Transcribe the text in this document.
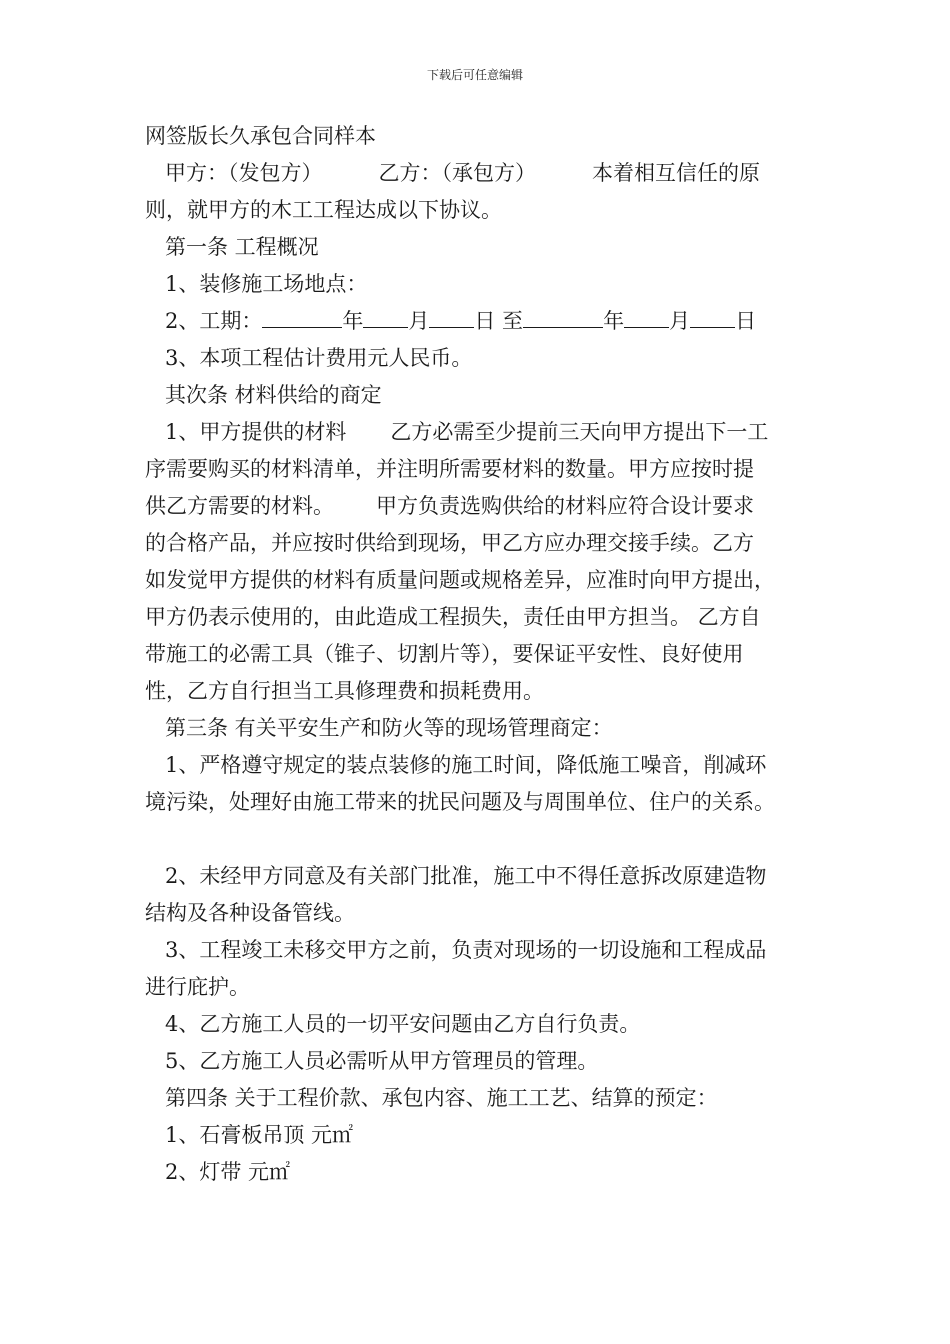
下载后可任意编辑
网签版长久承包合同样本
甲方：（发包方）	乙方：（承包方）	本着相互信任的原
则，就甲方的木工工程达成以下协议。
第一条 工程概况
1、装修施工场地点：
2、工期：	年 月 日 至	年 月 日
3、本项工程估计费用元人民币。
其次条 材料供给的商定
1、甲方提供的材料 乙方必需至少提前三天向甲方提出下一工
序需要购买的材料清单，并注明所需要材料的数量。甲方应按时提
供乙方需要的材料。 甲方负责选购供给的材料应符合设计要求
的合格产品，并应按时供给到现场，甲乙方应办理交接手续。乙方
如发觉甲方提供的材料有质量问题或规格差异，应准时向甲方提出，
甲方仍表示使用的，由此造成工程损失，责任由甲方担当。 乙方自
带施工的必需工具（锥子、切割片等），要保证平安性、良好使用
性，乙方自行担当工具修理费和损耗费用。
第三条 有关平安生产和防火等的现场管理商定：
1、严格遵守规定的装点装修的施工时间，降低施工噪音，削减环
境污染，处理好由施工带来的扰民问题及与周围单位、住户的关系。
2、未经甲方同意及有关部门批准，施工中不得任意拆改原建造物
结构及各种设备管线。
3、工程竣工未移交甲方之前，负责对现场的一切设施和工程成品
进行庇护。
4、乙方施工人员的一切平安问题由乙方自行负责。
5、乙方施工人员必需听从甲方管理员的管理。
第四条 关于工程价款、承包内容、施工工艺、结算的预定：
1、石膏板吊顶 元㎡
2、灯带 元㎡
